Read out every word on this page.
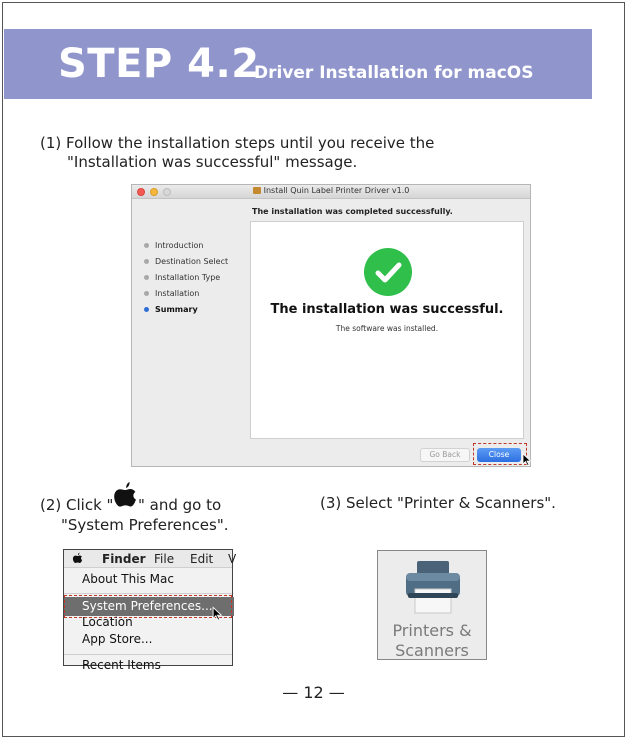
STEP 4.2
Driver Installation for macOS
(1) Follow the installation steps until you receive the
"Installation was successful" message.
Install Quin Label Printer Driver v1.0
The installation was completed successfully.
Introduction
Destination Select
Installation Type
Installation
Summary	The installation was successful.
The software was installed.
Go Back	Close
(2) Click " " and go to
"System Preferences".
(3) Select "Printer & Scanners".
Finder File Edit V
About This Mac
System Preferences...
Location
App Store...
Recent Items
Printers &
Scanners
— 12 —
